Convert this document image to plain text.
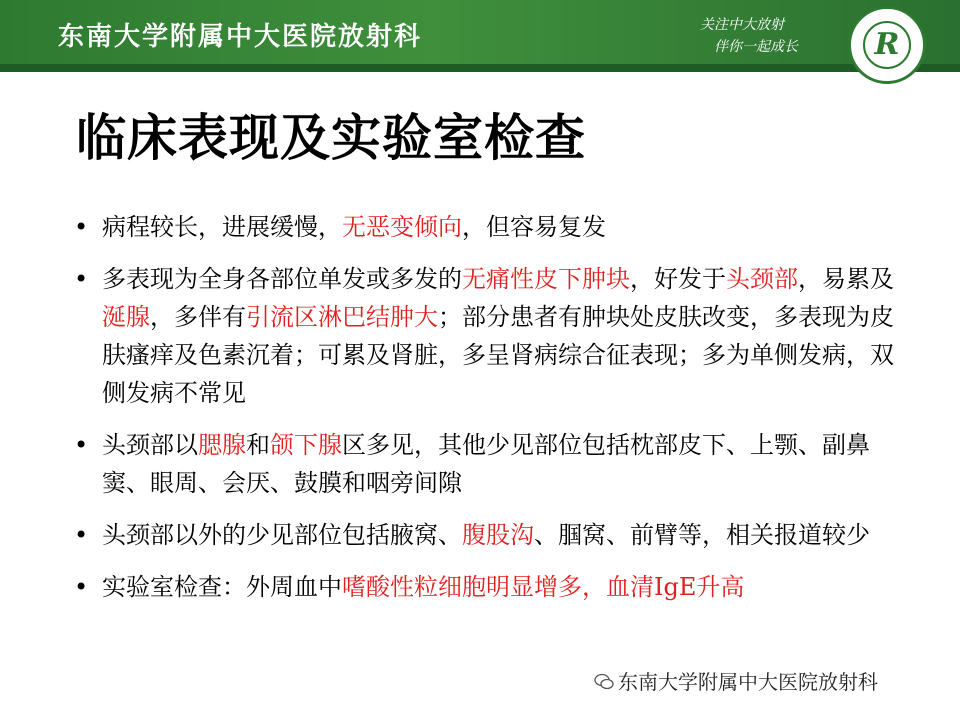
东南大学附属中大医院放射科	关注中大放射
伴你一起成长	R
临床表现及实验室检查
• 病程较长，进展缓慢，无恶变倾向，但容易复发
• 多表现为全身各部位单发或多发的无痛性皮下肿块，好发于头颈部，易累及涎腺，多伴有引流区淋巴结肿大；部分患者有肿块处皮肤改变，多表现为皮肤瘙痒及色素沉着；可累及肾脏，多呈肾病综合征表现；多为单侧发病，双侧发病不常见
• 头颈部以腮腺和颌下腺区多见，其他少见部位包括枕部皮下、上颚、副鼻窦、眼周、会厌、鼓膜和咽旁间隙
• 头颈部以外的少见部位包括腋窝、腹股沟、腘窝、前臂等，相关报道较少
• 实验室检查：外周血中嗜酸性粒细胞明显增多，血清IgE升高
东南大学附属中大医院放射科
